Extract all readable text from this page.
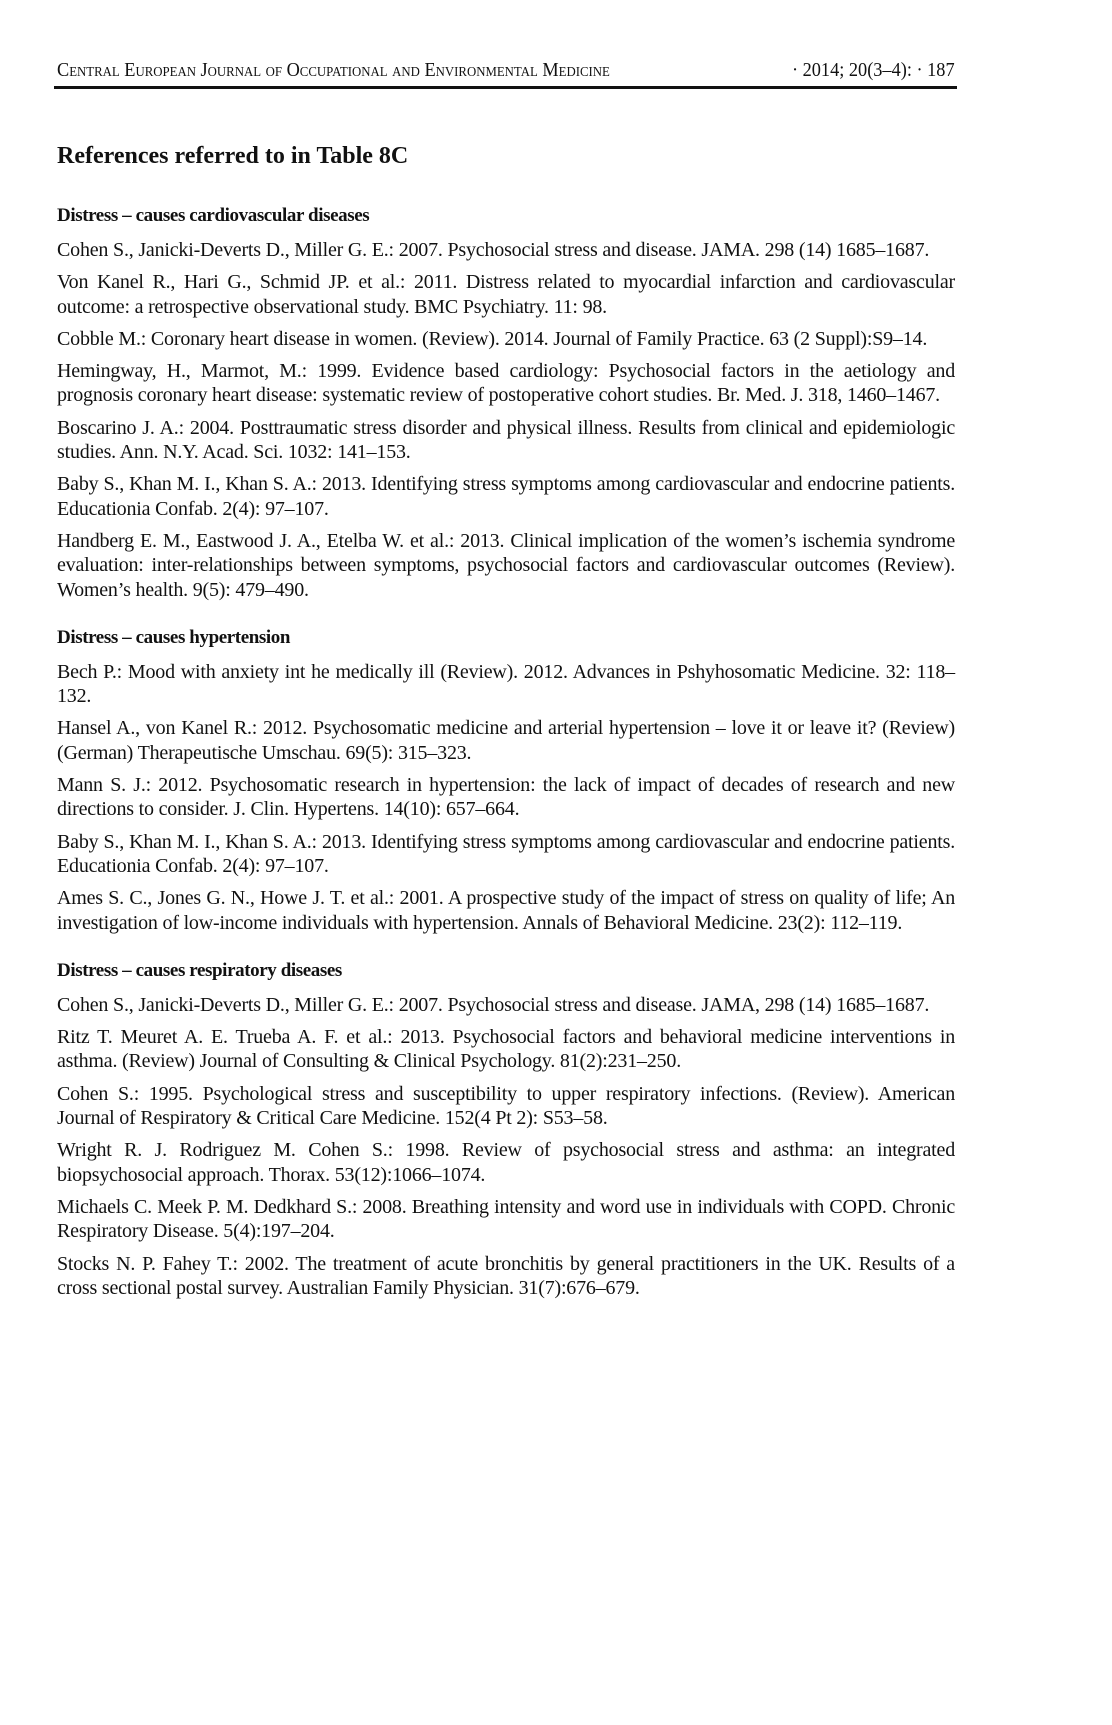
Central European Journal of Occupational and Environmental Medicine	· 2014; 20(3–4): · 187
References referred to in Table 8C
Distress – causes cardiovascular diseases

Cohen S., Janicki-Deverts D., Miller G. E.: 2007. Psychosocial stress and disease. JAMA. 298 (14) 1685–1687.

Von Kanel R., Hari G., Schmid JP. et al.: 2011. Distress related to myocardial infarction and cardiovascular outcome: a retrospective observational study. BMC Psychiatry. 11: 98.

Cobble M.: Coronary heart disease in women. (Review). 2014. Journal of Family Practice. 63 (2 Suppl):S9–14.

Hemingway, H., Marmot, M.: 1999. Evidence based cardiology: Psychosocial factors in the aetiology and prognosis coronary heart disease: systematic review of postoperative cohort studies. Br. Med. J. 318, 1460–1467.

Boscarino J. A.: 2004. Posttraumatic stress disorder and physical illness. Results from clinical and epidemiologic studies. Ann. N.Y. Acad. Sci. 1032: 141–153.

Baby S., Khan M. I., Khan S. A.: 2013. Identifying stress symptoms among cardiovascular and endocrine patients. Educationia Confab. 2(4): 97–107.

Handberg E. M., Eastwood J. A., Etelba W. et al.: 2013. Clinical implication of the women’s ischemia syndrome evaluation: inter-relationships between symptoms, psychosocial factors and cardiovascular outcomes (Review). Women’s health. 9(5): 479–490.

Distress – causes hypertension

Bech P.: Mood with anxiety int he medically ill (Review). 2012. Advances in Pshyhosomatic Medicine. 32: 118–132.

Hansel A., von Kanel R.: 2012. Psychosomatic medicine and arterial hypertension – love it or leave it? (Review) (German) Therapeutische Umschau. 69(5): 315–323.

Mann S. J.: 2012. Psychosomatic research in hypertension: the lack of impact of decades of research and new directions to consider. J. Clin. Hypertens. 14(10): 657–664.

Baby S., Khan M. I., Khan S. A.: 2013. Identifying stress symptoms among cardiovascular and endocrine patients. Educationia Confab. 2(4): 97–107.

Ames S. C., Jones G. N., Howe J. T. et al.: 2001. A prospective study of the impact of stress on quality of life; An investigation of low-income individuals with hypertension. Annals of Behavioral Medicine. 23(2): 112–119.

Distress – causes respiratory diseases

Cohen S., Janicki-Deverts D., Miller G. E.: 2007. Psychosocial stress and disease. JAMA, 298 (14) 1685–1687.

Ritz T. Meuret A. E. Trueba A. F. et al.: 2013. Psychosocial factors and behavioral medicine interventions in asthma. (Review) Journal of Consulting & Clinical Psychology. 81(2):231–250.

Cohen S.: 1995. Psychological stress and susceptibility to upper respiratory infections. (Review). American Journal of Respiratory & Critical Care Medicine. 152(4 Pt 2): S53–58.

Wright R. J. Rodriguez M. Cohen S.: 1998. Review of psychosocial stress and asthma: an integrated biopsychosocial approach. Thorax. 53(12):1066–1074.

Michaels C. Meek P. M. Dedkhard S.: 2008. Breathing intensity and word use in individuals with COPD. Chronic Respiratory Disease. 5(4):197–204.

Stocks N. P. Fahey T.: 2002. The treatment of acute bronchitis by general practitioners in the UK. Results of a cross sectional postal survey. Australian Family Physician. 31(7):676–679.
